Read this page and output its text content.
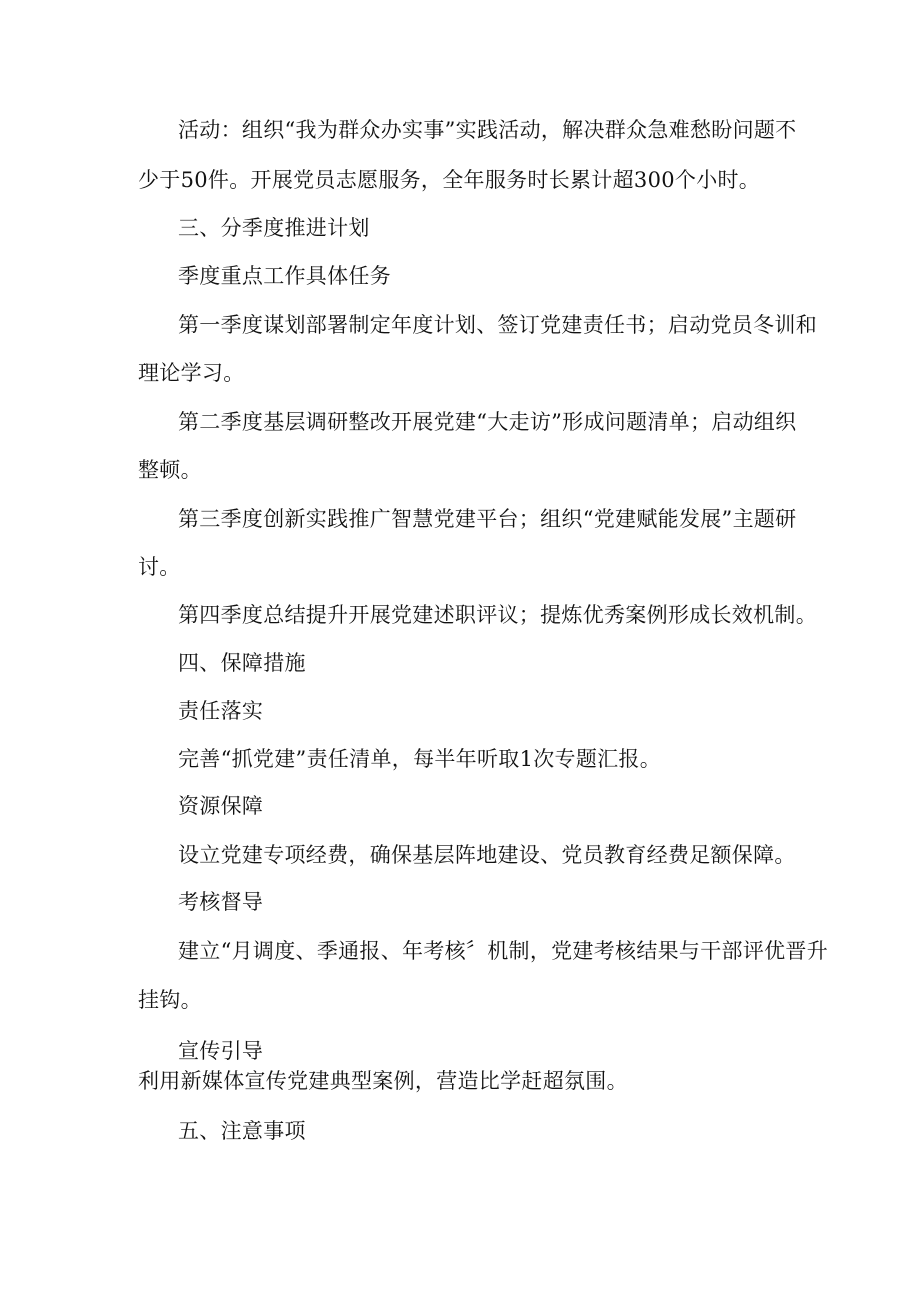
活动：组织“我为群众办实事”实践活动，解决群众急难愁盼问题不
少于50件。开展党员志愿服务，全年服务时长累计超300个小时。
三、分季度推进计划
季度重点工作具体任务
第一季度谋划部署制定年度计划、签订党建责任书；启动党员冬训和
理论学习。
第二季度基层调研整改开展党建“大走访”形成问题清单；启动组织
整顿。
第三季度创新实践推广智慧党建平台；组织“党建赋能发展”主题研
讨。
第四季度总结提升开展党建述职评议；提炼优秀案例形成长效机制。
四、保障措施
责任落实
完善“抓党建”责任清单，每半年听取1次专题汇报。
资源保障
设立党建专项经费，确保基层阵地建设、党员教育经费足额保障。
考核督导
建立“月调度、季通报、年考核〞机制，党建考核结果与干部评优晋升
挂钩。
宣传引导
利用新媒体宣传党建典型案例，营造比学赶超氛围。
五、注意事项
